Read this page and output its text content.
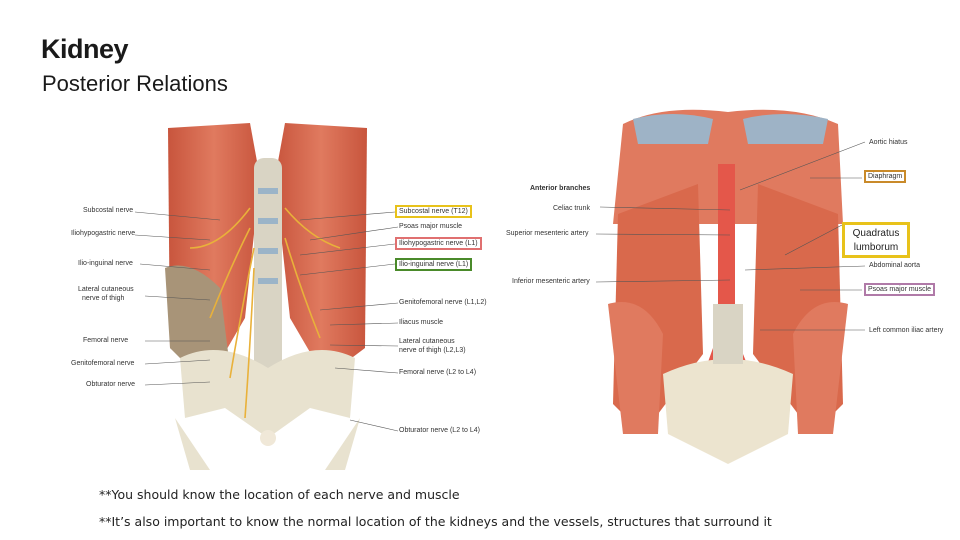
Kidney
Posterior Relations
Subcostal nerve
Iliohypogastric nerve
Ilio-inguinal nerve
Lateral cutaneous
nerve of thigh
Femoral nerve
Genitofemoral nerve
Obturator nerve
Subcostal nerve (T12)
Psoas major muscle
Iliohypogastric nerve (L1)
Ilio-inguinal nerve (L1)
Genitofemoral nerve (L1,L2)
Iliacus muscle
Lateral cutaneous
nerve of thigh (L2,L3)
Femoral nerve (L2 to L4)
Obturator nerve (L2 to L4)
Aortic hiatus
Diaphragm
Anterior branches
Celiac trunk
Superior mesenteric artery	Quadratus lumborum
Abdominal aorta
Inferior mesenteric artery
Psoas major muscle
Left common iliac artery
**You should know the location of each nerve and muscle
**It’s also important to know the normal location of the kidneys and the vessels, structures that surround it
